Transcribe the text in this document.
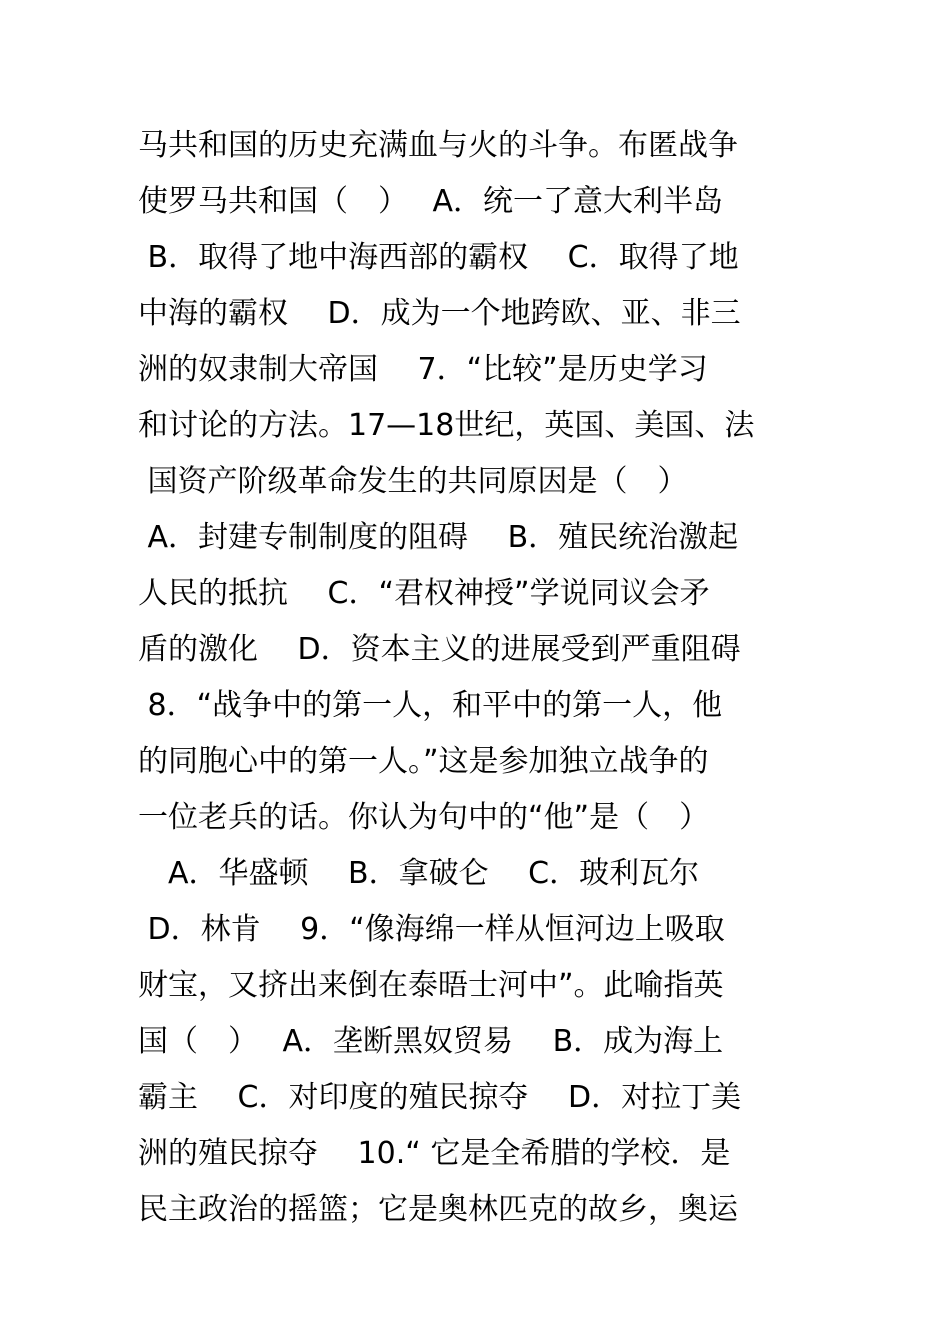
马共和国的历史充满血与火的斗争。布匿战争
使罗马共和国（　）　 A．统一了意大利半岛
B．取得了地中海西部的霸权　 C．取得了地
中海的霸权　 D．成为一个地跨欧、亚、非三
洲的奴隶制大帝国　 7．“比较”是历史学习
和讨论的方法。17—18世纪，英国、美国、法
国资产阶级革命发生的共同原因是（　）
A．封建专制制度的阻碍　 B．殖民统治激起
人民的抵抗　 C．“君权神授”学说同议会矛
盾的激化　 D．资本主义的进展受到严重阻碍
8．“战争中的第一人，和平中的第一人，他
的同胞心中的第一人。”这是参加独立战争的
一位老兵的话。你认为句中的“他”是（　）
　A．华盛顿　 B．拿破仑　 C．玻利瓦尔
D．林肯　 9．“像海绵一样从恒河边上吸取
财宝，又挤出来倒在泰晤士河中”。此喻指英
国（　）　 A．垄断黑奴贸易　 B．成为海上
霸主　 C．对印度的殖民掠夺　 D．对拉丁美
洲的殖民掠夺　 10.“ 它是全希腊的学校．是
民主政治的摇篮；它是奥林匹克的故乡，奥运
